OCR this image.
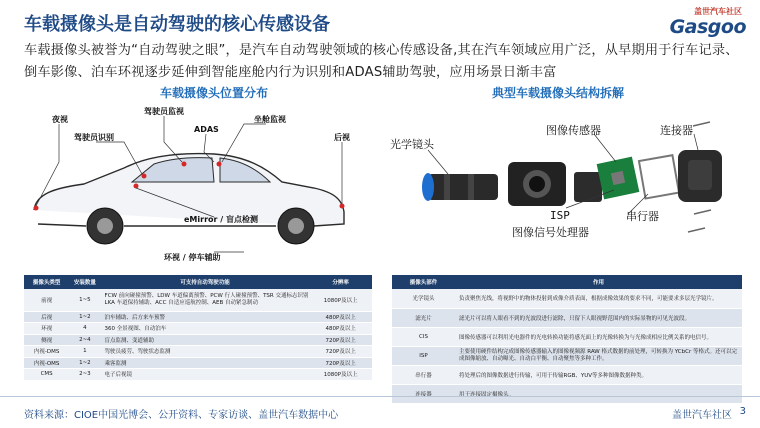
车载摄像头是自动驾驶的核心传感设备
盖世汽车社区
Gasgoo
车载摄像头被誉为“自动驾驶之眼”，是汽车自动驾驶领域的核心传感设备,其在汽车领域应用广泛，从早期用于行车记录、倒车影像、泊车环视逐步延伸到智能座舱内行为识别和ADAS辅助驾驶，应用场景日渐丰富
车载摄像头位置分布	典型车载摄像头结构拆解
夜视
驾驶员识别
驾驶员监视
ADAS
坐舱监视
后视
eMirror / 盲点检测
环视 / 停车辅助
光学镜头
图像传感器	连接器
ISP	串行器
图像信号处理器
摄像头类型	安装数量	可支持自动驾驶功能	分辨率
前视	1~5	FCW 前向碰撞预警、LDW 车道偏离预警、PCW 行人碰撞预警、TSR 交通标志识别 LKA 车道保持辅助、ACC 自适应巡航控制、AEB 自动紧急制动	1080P及以上
后视	1~2	泊车辅助、后方来车预警	480P及以上
环视	4	360 全景视图、自动泊车	480P及以上
侧视	2~4	盲点监测、变道辅助	720P及以上
内视-DMS	1	驾驶员疲劳、驾驶状态监测	720P及以上
内视-OMS	1~2	乘客监测	720P及以上
CMS	2~3	电子后视镜	1080P及以上
摄像头部件	作用
光学镜头	负责聚焦光线，将视野中的物体投射到成像介质表面，根据成像效果的要求不同，可能要求多层光学镜片。
滤光片	滤光片可以将人眼看不到的光波段进行滤除，只留下人眼视野范围内的实际景物的可见光波段。
CIS	图像传感器可以利用光电器件的光电转换功能将感光面上的光像转换为与光像成相应比例关系的电信号。
ISP	主要使用硬件结构完成图像传感器输入的图像视频源 RAW 格式数据的前处理，可转换为 YCbCr 等格式。还可以完成图像缩放、自动曝光、自动白平衡、自动聚焦等多种工作。
串行器	将处理后的图像数据进行传输，可用于传输RGB、YUV等多种图像数据种类。
连接器	用于连接固定摄像头。
资料来源：CIOE中国光博会、公开资料、专家访谈、盖世汽车数据中心	盖世汽车社区 3
